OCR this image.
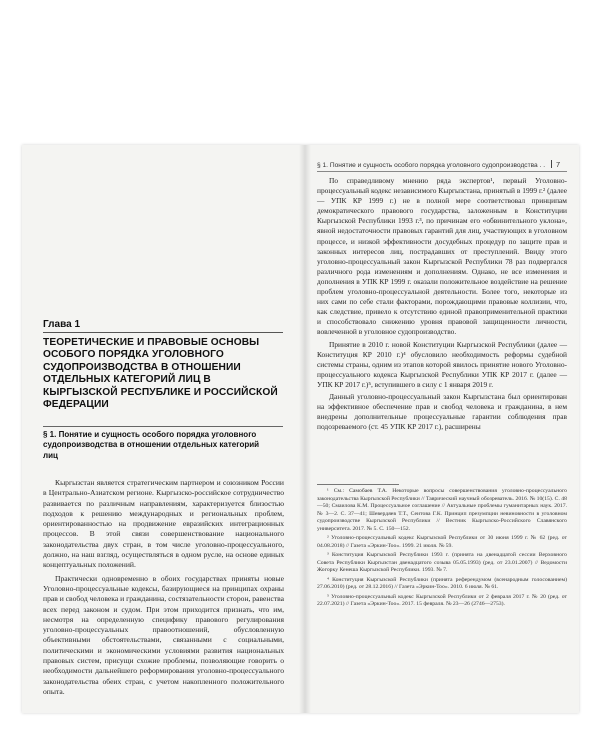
Глава 1
ТЕОРЕТИЧЕСКИЕ И ПРАВОВЫЕ ОСНОВЫ ОСОБОГО ПОРЯДКА УГОЛОВНОГО СУДОПРОИЗВОДСТВА В ОТНОШЕНИИ ОТДЕЛЬНЫХ КАТЕГОРИЙ ЛИЦ В КЫРГЫЗСКОЙ РЕСПУБЛИКЕ И РОССИЙСКОЙ ФЕДЕРАЦИИ
§ 1. Понятие и сущность особого порядка уголовного судопроизводства в отношении отдельных категорий лиц

Кыргызстан является стратегическим партнером и союзником России в Центрально-Азиатском регионе. Кыргызско-российское сотрудничество развивается по различным направлениям, характеризуется близостью подходов к решению международных и региональных проблем, ориентированностью на продвижение евразийских интеграционных процессов. В этой связи совершенствование национального законодательства двух стран, в том числе уголовно-процессуального, должно, на наш взгляд, осуществляться в одном русле, на основе единых концептуальных положений.

Практически одновременно в обоих государствах приняты новые Уголовно-процессуальные кодексы, базирующиеся на принципах охраны прав и свобод человека и гражданина, состязательности сторон, равенства всех перед законом и судом. При этом приходится признать, что им, несмотря на определенную специфику правового регулирования уголовно-процессуальных правоотношений, обусловленную объективными обстоятельствами, связанными с социальными, политическими и экономическими условиями развития национальных правовых систем, присущи схожие проблемы, позволяющие говорить о необходимости дальнейшего реформирования уголовно-процессуального законодательства обеих стран, с учетом накопленного положительного опыта.

§ 1. Понятие и сущность особого порядка уголовного судопроизводства . . 7

По справедливому мнению ряда экспертов¹, первый Уголовно-процессуальный кодекс независимого Кыргызстана, принятый в 1999 г.² (далее — УПК КР 1999 г.) не в полной мере соответствовал принципам демократического правового государства, заложенным в Конституции Кыргызской Республики 1993 г.³, по причинам его «обвинительного уклона», явной недостаточности правовых гарантий для лиц, участвующих в уголовном процессе, и низкой эффективности досудебных процедур по защите прав и законных интересов лиц, пострадавших от преступлений. Ввиду этого уголовно-процессуальный закон Кыргызской Республики 78 раз подвергался различного рода изменениям и дополнениям. Однако, не все изменения и дополнения в УПК КР 1999 г. оказали положительное воздействие на решение проблем уголовно-процессуальной деятельности. Более того, некоторые из них сами по себе стали факторами, порождающими правовые коллизии, что, как следствие, привело к отсутствию единой правоприменительной практики и способствовало снижению уровня правовой защищенности личности, вовлеченной в уголовное судопроизводство.

Принятие в 2010 г. новой Конституции Кыргызской Республики (далее — Конституция КР 2010 г.)⁴ обусловило необходимость реформы судебной системы страны, одним из этапов которой явилось принятие нового Уголовно-процессуального кодекса Кыргызской Республики УПК КР 2017 г. (далее — УПК КР 2017 г.)⁵, вступившего в силу с 1 января 2019 г.

Данный уголовно-процессуальный закон Кыргызстана был ориентирован на эффективное обеспечение прав и свобод человека и гражданина, в нем внедрены дополнительные процессуальные гарантии соблюдения прав подозреваемого (ст. 45 УПК КР 2017 г.), расширены

¹ См.: Самобаев Т.А. Некоторые вопросы совершенствования уголовно-процессуального законодательства Кыргызской Республики // Таврический научный обозреватель. 2016. № 10(15). С. 48—50; Смаилова К.М. Процессуальное соглашение // Актуальные проблемы гуманитарных наук. 2017. № 3—2. С. 37—41; Шевердяев Т.Т., Сеитова Г.К. Принцип презумпции невиновности в уголовном судопроизводстве Кыргызской Республики // Вестник Кыргызско-Российского Славянского университета. 2017. № 5. С. 150—152.

² Уголовно-процессуальный кодекс Кыргызской Республики от 30 июня 1999 г. № 62 (ред. от 04.08.2018) // Газета «Эркин-Тоо». 1999. 21 июля. № 59.

³ Конституция Кыргызской Республики 1993 г. (принята на двенадцатой сессии Верховного Совета Республики Кыргызстан двенадцатого созыва 05.05.1993) (ред. от 23.01.2007) // Ведомости Жогорку Кенеша Кыргызской Республики. 1993. № 7.

⁴ Конституция Кыргызской Республики (принята референдумом (всенародным голосованием) 27.06.2010) (ред. от 28.12.2016) // Газета «Эркин-Тоо». 2010. 6 июля. № 61.

⁵ Уголовно-процессуальный кодекс Кыргызской Республики от 2 февраля 2017 г. № 20 (ред. от 22.07.2021) // Газета «Эркин-Тоо». 2017. 15 февраля. № 23—26 (2746—2753).
